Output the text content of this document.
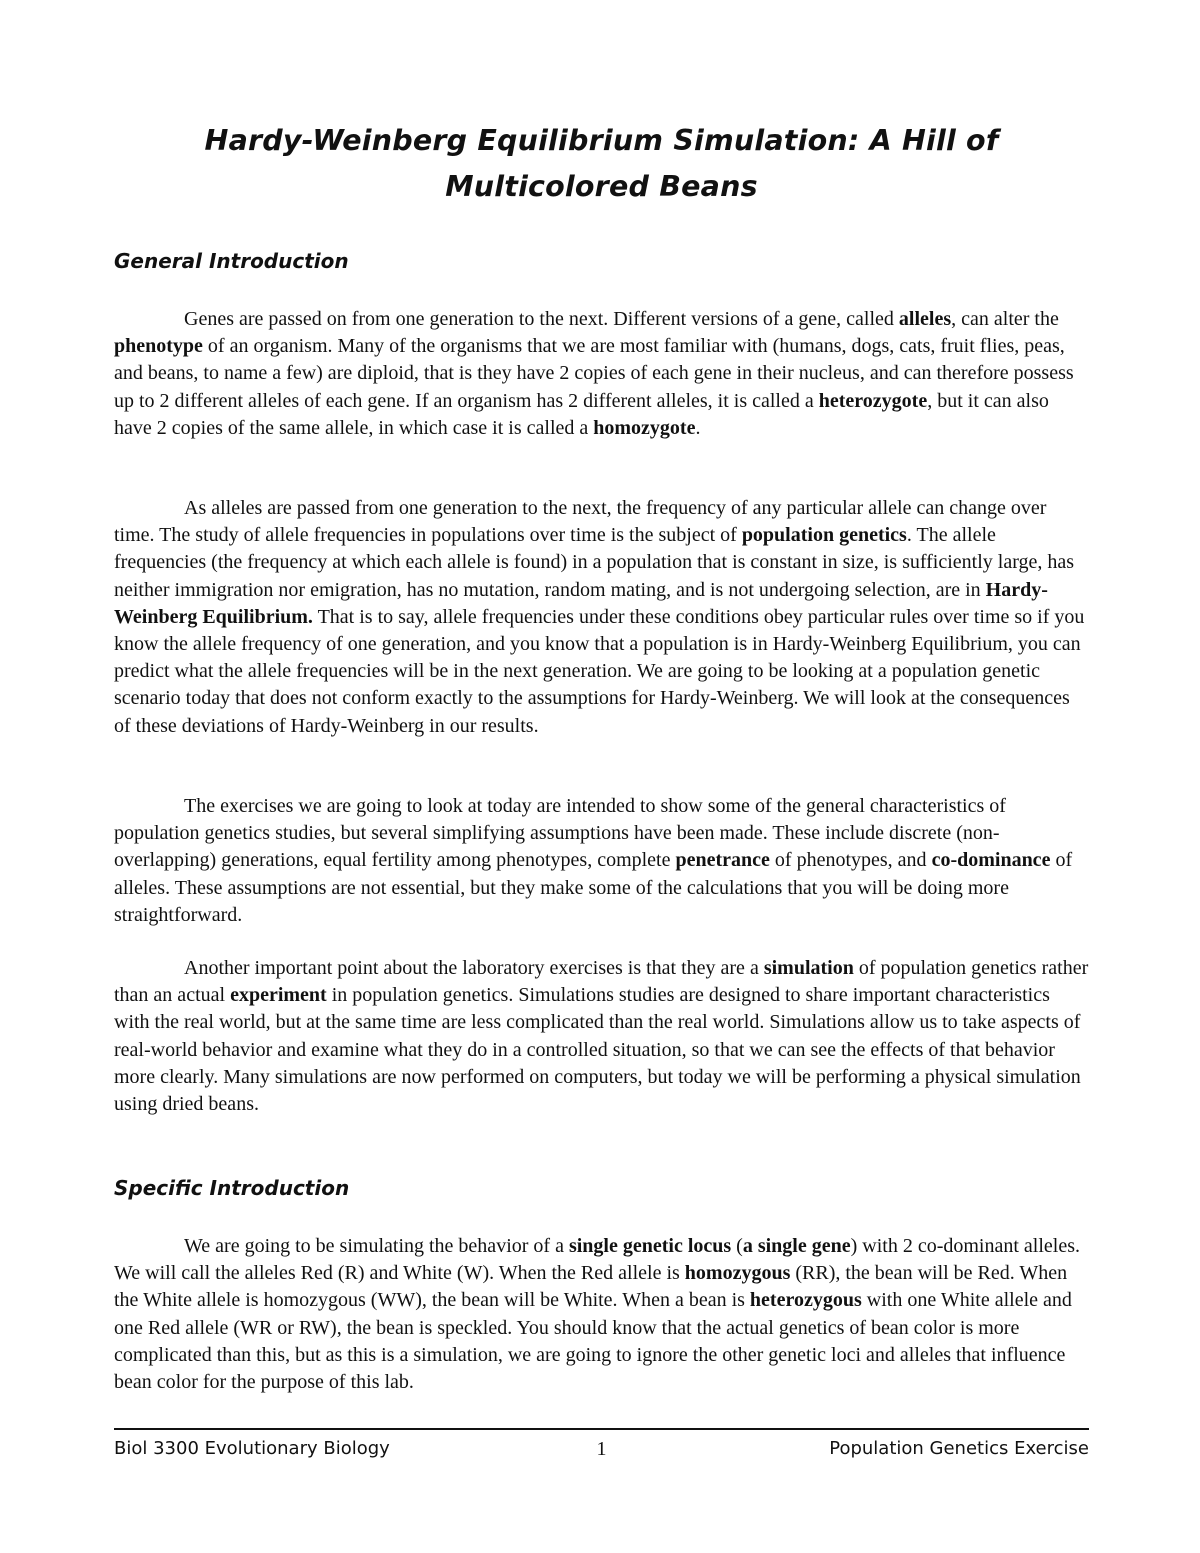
Hardy-Weinberg Equilibrium Simulation: A Hill of Multicolored Beans
General Introduction

Genes are passed on from one generation to the next. Different versions of a gene, called alleles, can alter the phenotype of an organism. Many of the organisms that we are most familiar with (humans, dogs, cats, fruit flies, peas, and beans, to name a few) are diploid, that is they have 2 copies of each gene in their nucleus, and can therefore possess up to 2 different alleles of each gene. If an organism has 2 different alleles, it is called a heterozygote, but it can also have 2 copies of the same allele, in which case it is called a homozygote.

As alleles are passed from one generation to the next, the frequency of any particular allele can change over time. The study of allele frequencies in populations over time is the subject of population genetics. The allele frequencies (the frequency at which each allele is found) in a population that is constant in size, is sufficiently large, has neither immigration nor emigration, has no mutation, random mating, and is not undergoing selection, are in Hardy-Weinberg Equilibrium. That is to say, allele frequencies under these conditions obey particular rules over time so if you know the allele frequency of one generation, and you know that a population is in Hardy-Weinberg Equilibrium, you can predict what the allele frequencies will be in the next generation. We are going to be looking at a population genetic scenario today that does not conform exactly to the assumptions for Hardy-Weinberg. We will look at the consequences of these deviations of Hardy-Weinberg in our results.

The exercises we are going to look at today are intended to show some of the general characteristics of population genetics studies, but several simplifying assumptions have been made. These include discrete (non-overlapping) generations, equal fertility among phenotypes, complete penetrance of phenotypes, and co-dominance of alleles. These assumptions are not essential, but they make some of the calculations that you will be doing more straightforward.

Another important point about the laboratory exercises is that they are a simulation of population genetics rather than an actual experiment in population genetics. Simulations studies are designed to share important characteristics with the real world, but at the same time are less complicated than the real world. Simulations allow us to take aspects of real-world behavior and examine what they do in a controlled situation, so that we can see the effects of that behavior more clearly. Many simulations are now performed on computers, but today we will be performing a physical simulation using dried beans.

Specific Introduction

We are going to be simulating the behavior of a single genetic locus (a single gene) with 2 co-dominant alleles. We will call the alleles Red (R) and White (W). When the Red allele is homozygous (RR), the bean will be Red. When the White allele is homozygous (WW), the bean will be White. When a bean is heterozygous with one White allele and one Red allele (WR or RW), the bean is speckled. You should know that the actual genetics of bean color is more complicated than this, but as this is a simulation, we are going to ignore the other genetic loci and alleles that influence bean color for the purpose of this lab.

Biol 3300 Evolutionary Biology	1	Population Genetics Exercise
